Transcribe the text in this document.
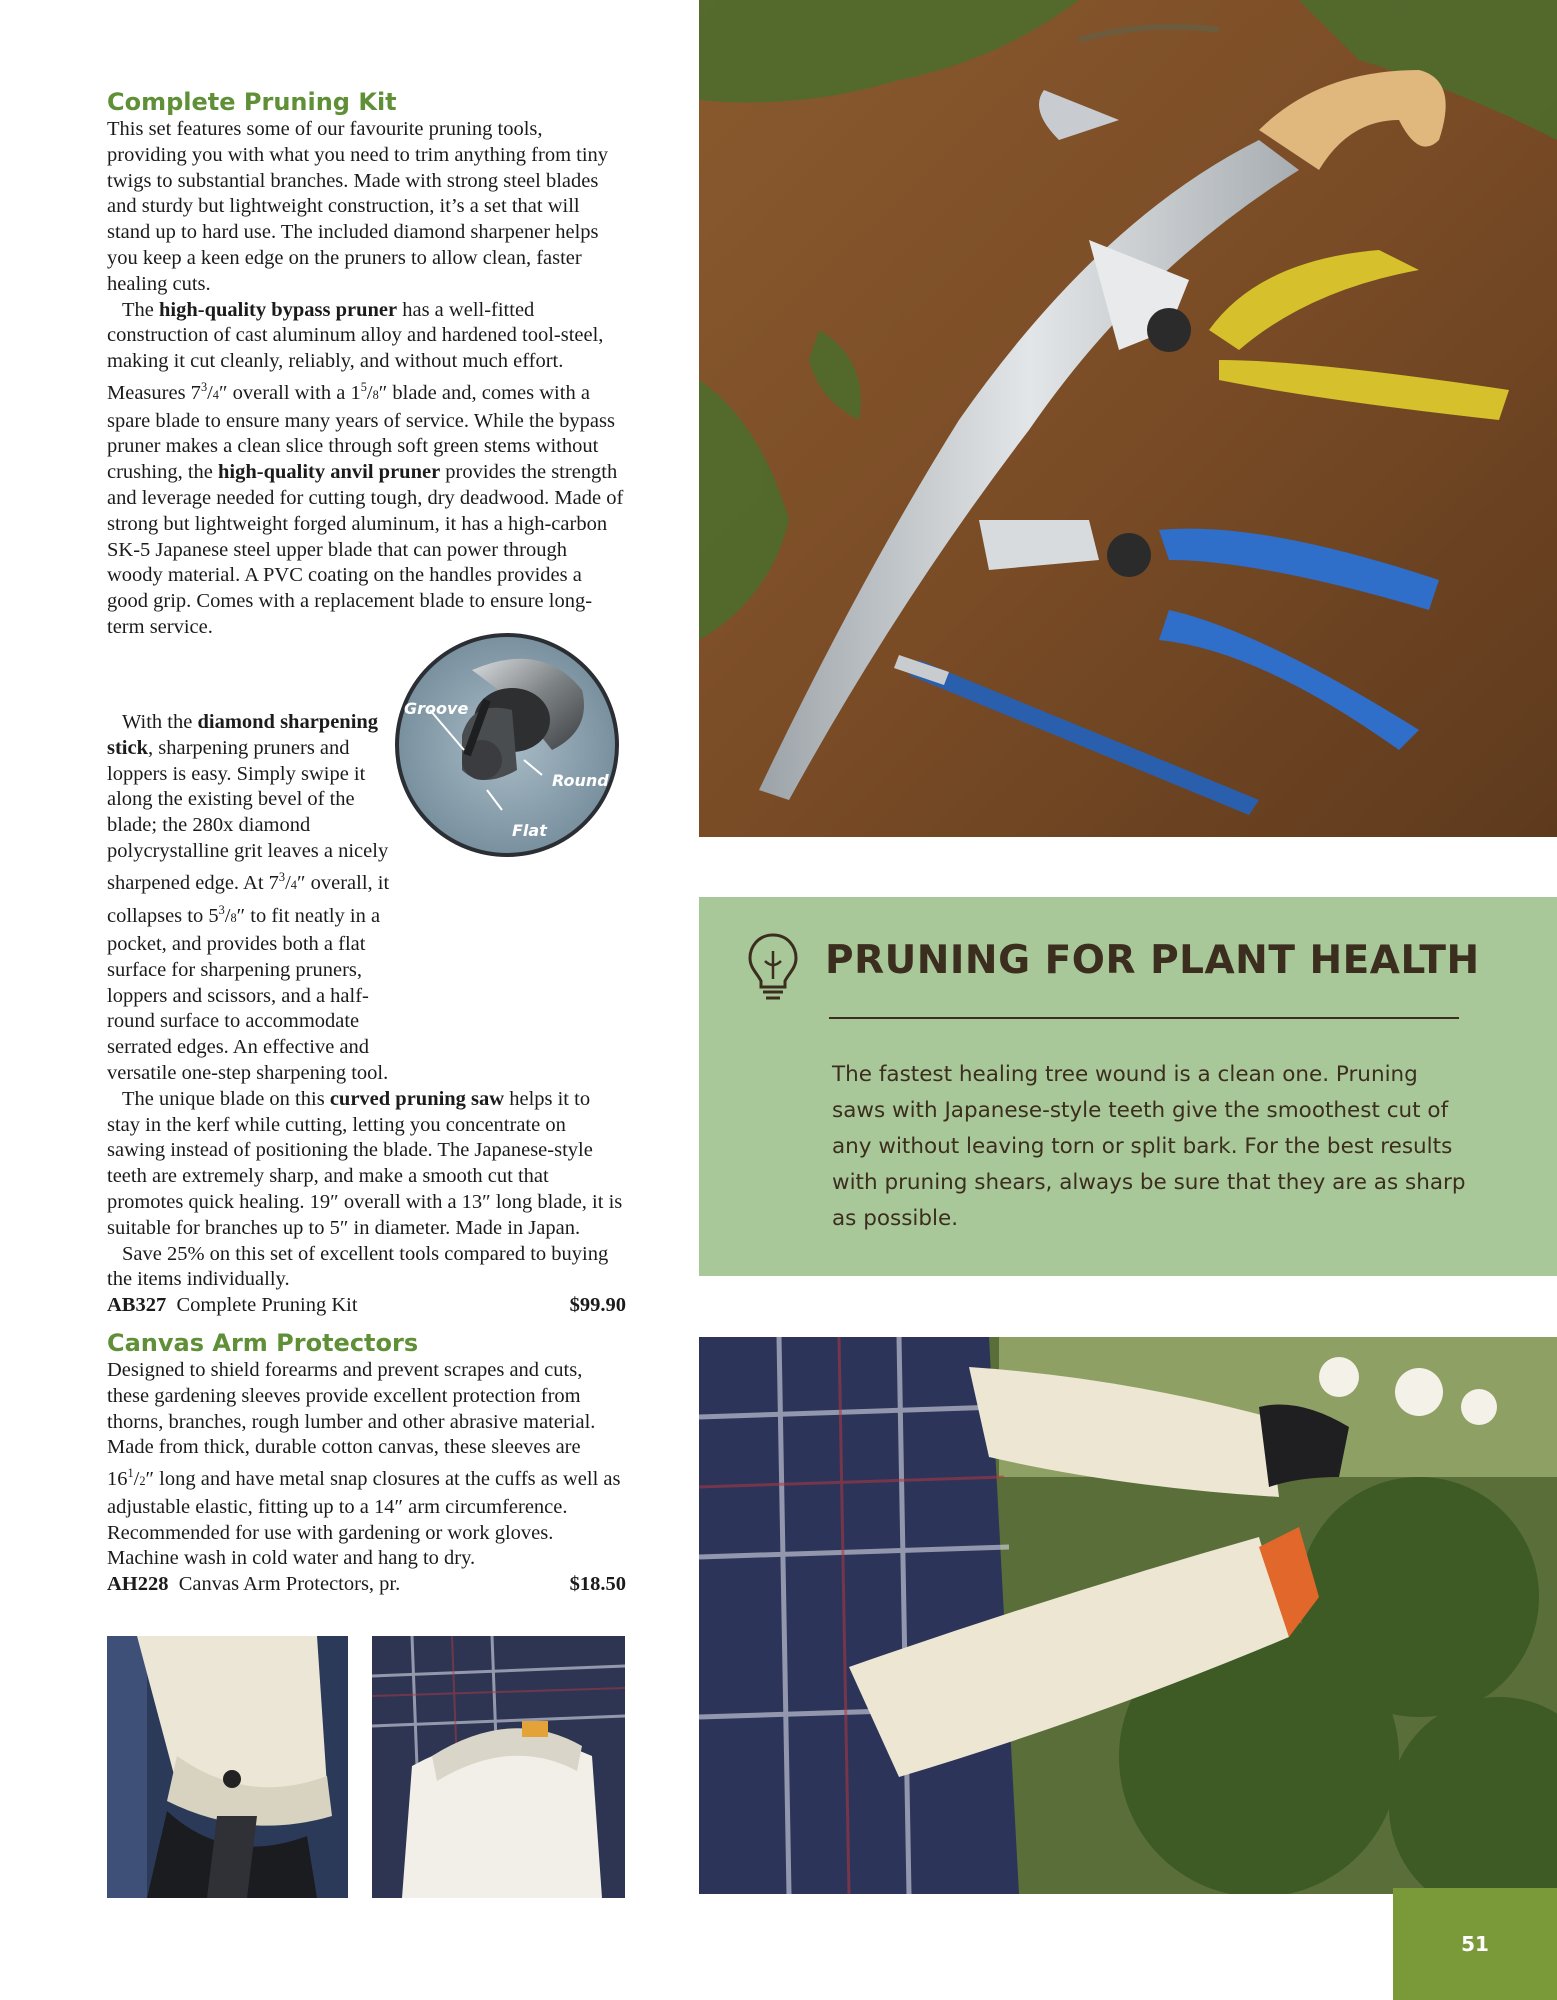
Complete Pruning Kit

This set features some of our favourite pruning tools, providing you with what you need to trim anything from tiny twigs to substantial branches. Made with strong steel blades and sturdy but lightweight construction, it’s a set that will stand up to hard use. The included diamond sharpener helps you keep a keen edge on the pruners to allow clean, faster healing cuts.

The high-quality bypass pruner has a well-fitted construction of cast aluminum alloy and hardened tool-steel, making it cut cleanly, reliably, and without much effort. Measures $7^3/4''$ overall with a $1^5/8''$ blade and, comes with a spare blade to ensure many years of service. While the bypass pruner makes a clean slice through soft green stems without crushing, the high-quality anvil pruner provides the strength and leverage needed for cutting tough, dry deadwood. Made of strong but lightweight forged aluminum, it has a high-carbon SK-5 Japanese steel upper blade that can power through woody material. A PVC coating on the handles provides a good grip. Comes with a replacement blade to ensure long-term service.

With the diamond sharpening stick, sharpening pruners and loppers is easy. Simply swipe it along the existing bevel of the blade; the 280x diamond polycrystalline grit leaves a nicely sharpened edge. At $7^3/4''$ overall, it collapses to $5^3/8''$ to fit neatly in a pocket, and provides both a flat surface for sharpening pruners, loppers and scissors, and a half-round surface to accommodate serrated edges. An effective and versatile one-step sharpening tool.

The unique blade on this curved pruning saw helps it to stay in the kerf while cutting, letting you concentrate on sawing instead of positioning the blade. The Japanese-style teeth are extremely sharp, and make a smooth cut that promotes quick healing. 19″ overall with a 13″ long blade, it is suitable for branches up to 5″ in diameter. Made in Japan.

Save 25% on this set of excellent tools compared to buying the items individually.

AB327 Complete Pruning Kit	$99.90
Groove
Round
Flat
Canvas Arm Protectors

Designed to shield forearms and prevent scrapes and cuts, these gardening sleeves provide excellent protection from thorns, branches, rough lumber and other abrasive material. Made from thick, durable cotton canvas, these sleeves are $16^1/2''$ long and have metal snap closures at the cuffs as well as adjustable elastic, fitting up to a 14″ arm circumference. Recommended for use with gardening or work gloves. Machine wash in cold water and hang to dry.

AH228 Canvas Arm Protectors, pr.	$18.50
PRUNING FOR PLANT HEALTH
The fastest healing tree wound is a clean one. Pruning saws with Japanese-style teeth give the smoothest cut of any without leaving torn or split bark. For the best results with pruning shears, always be sure that they are as sharp as possible.
51
